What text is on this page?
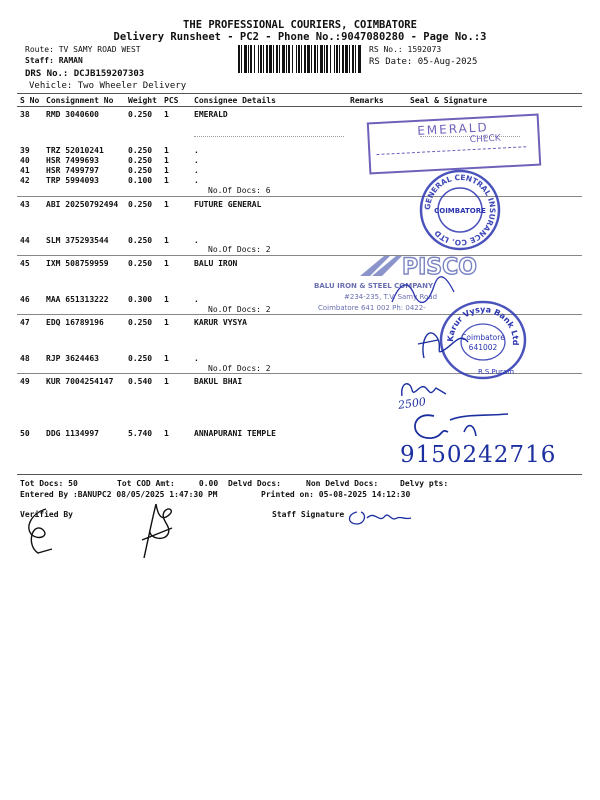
THE PROFESSIONAL COURIERS, COIMBATORE
Delivery Runsheet - PC2 - Phone No.:9047080280 - Page No.:3
Route: TV SAMY ROAD WEST
Staff: RAMAN
DRS No.: DCJB159207303
Vehicle: Two Wheeler Delivery
RS No.: 1592073
RS Date: 05-Aug-2025
S No Consignment No Weight PCS Consignee Details	Remarks	Seal & Signature
38 RMD 3040600	0.250 1	EMERALD
39 TRZ 52010241	0.250 1	.
40 HSR 7499693	0.250 1	.
41 HSR 7499797	0.250 1	.
42 TRP 5994093	0.100 1	.
No.Of Docs: 6
43 ABI 20250792494 0.250 1	FUTURE GENERAL
44 SLM 375293544 0.250 1	.
No.Of Docs: 2
45 IXM 508759959 0.250 1	BALU IRON
46 MAA 651313222 0.300 1	.
No.Of Docs: 2
47 EDQ 16789196	0.250 1	KARUR VYSYA
48 RJP 3624463	0.250 1	.
No.Of Docs: 2
49 KUR 7004254147 0.540 1	BAKUL BHAI
50 DDG 1134997	5.740 1	ANNAPURANI TEMPLE
EMERALD
CHECK
GENERAL CENTRAL INSURANCE CO. LTD
COIMBATORE
PISCO
BALU IRON & STEEL COMPANY
#234-235, T.V. Samy Road
Coimbatore 641 002 Ph: 0422-
Karur Vysya Bank Ltd
Coimbatore
641002
R.S.Puram
2500
9150242716
Tot Docs: 50	Tot COD Amt:     0.00 Delvd Docs:	Non Delvd Docs:	Delvy pts:
Entered By :BANUPC2 08/05/2025 1:47:30 PM	Printed on: 05-08-2025 14:12:30
Verified By	Staff Signature
